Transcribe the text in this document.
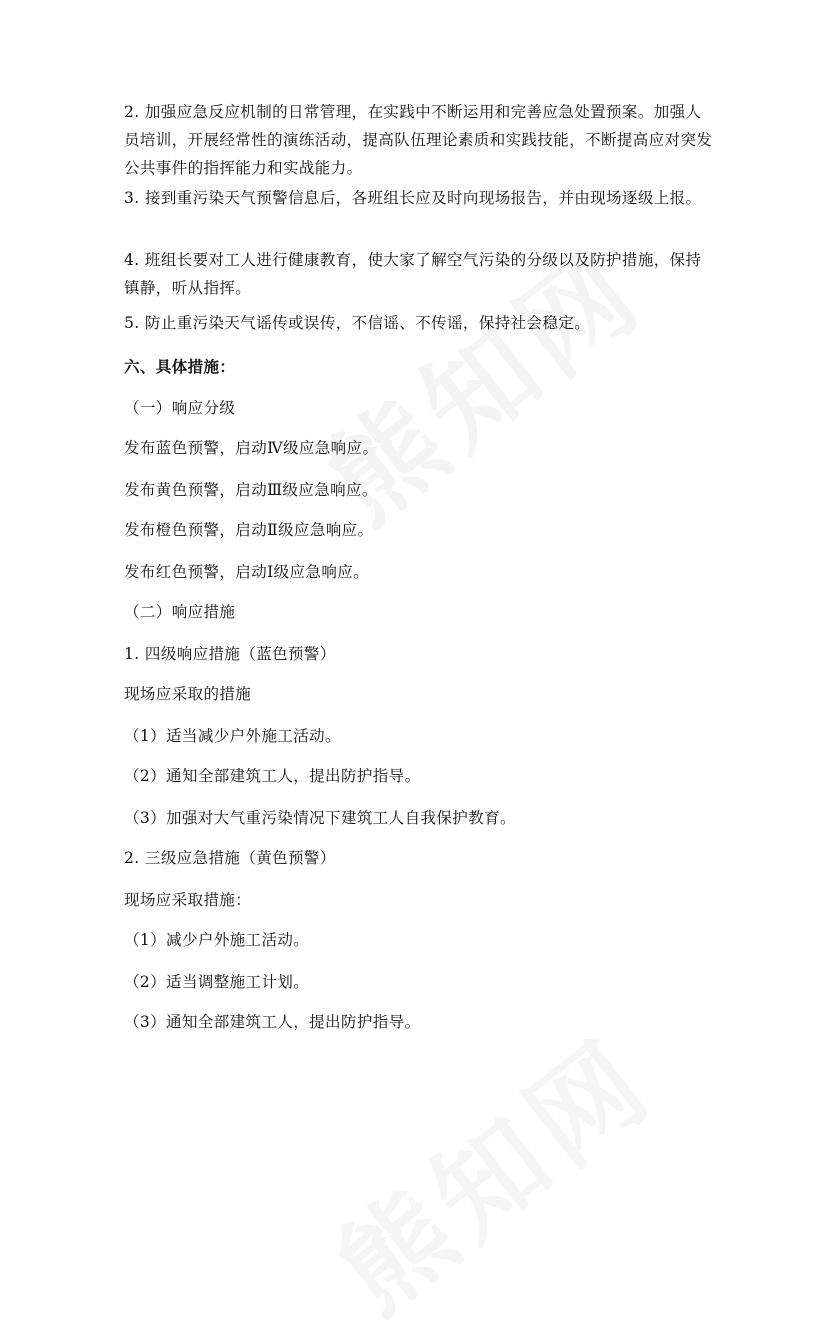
2. 加强应急反应机制的日常管理，在实践中不断运用和完善应急处置预案。加强人员培训，开展经常性的演练活动，提高队伍理论素质和实践技能，不断提高应对突发公共事件的指挥能力和实战能力。
3. 接到重污染天气预警信息后，各班组长应及时向现场报告，并由现场逐级上报。
4. 班组长要对工人进行健康教育，使大家了解空气污染的分级以及防护措施，保持镇静，听从指挥。
5. 防止重污染天气谣传或误传，不信谣、不传谣，保持社会稳定。
六、具体措施：
（一）响应分级
发布蓝色预警，启动Ⅳ级应急响应。
发布黄色预警，启动Ⅲ级应急响应。
发布橙色预警，启动Ⅱ级应急响应。
发布红色预警，启动Ⅰ级应急响应。
（二）响应措施
1. 四级响应措施（蓝色预警）
现场应采取的措施
（1）适当减少户外施工活动。
（2）通知全部建筑工人，提出防护指导。
（3）加强对大气重污染情况下建筑工人自我保护教育。
2. 三级应急措施（黄色预警）
现场应采取措施：
（1）减少户外施工活动。
（2）适当调整施工计划。
（3）通知全部建筑工人，提出防护指导。
